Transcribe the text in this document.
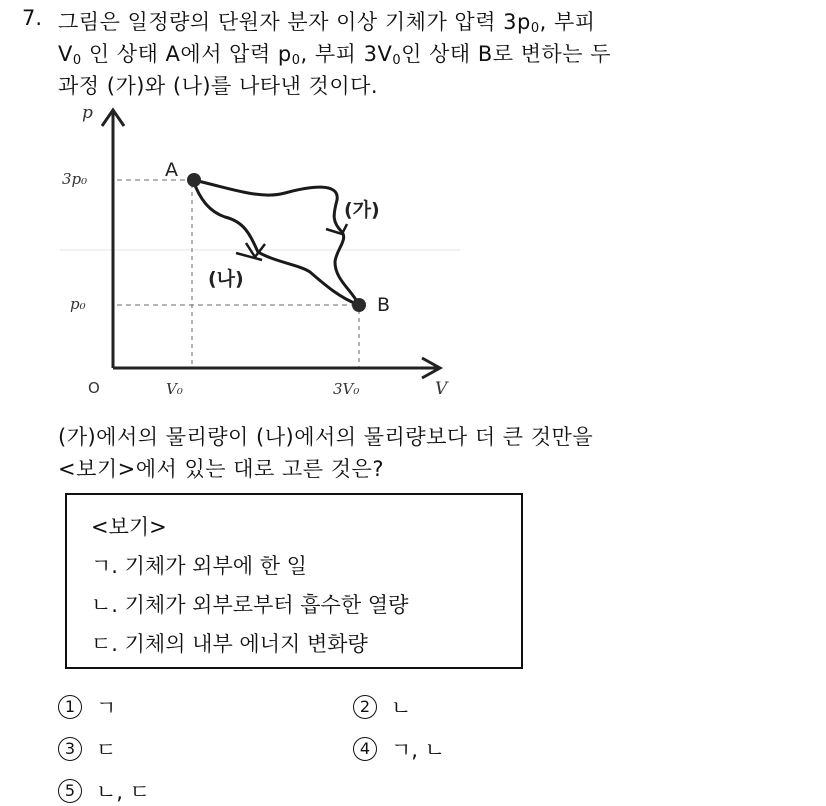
7. 그림은 일정량의 단원자 분자 이상 기체가 압력 $3p_0$, 부피
$V_0$ 인 상태 A에서 압력 $p_0$, 부피 $3V_0$인 상태 B로 변하는 두
과정 (가)와 (나)를 나타낸 것이다.
p
3p₀
p₀
O	V₀	3V₀	V
A
B
(가)
(나)
(가)에서의 물리량이 (나)에서의 물리량보다 더 큰 것만을
<보기>에서 있는 대로 고른 것은?
<보기>
ㄱ. 기체가 외부에 한 일
ㄴ. 기체가 외부로부터 흡수한 열량
ㄷ. 기체의 내부 에너지 변화량
1 ㄱ	2 ㄴ
3 ㄷ	4 ㄱ, ㄴ
5 ㄴ, ㄷ
